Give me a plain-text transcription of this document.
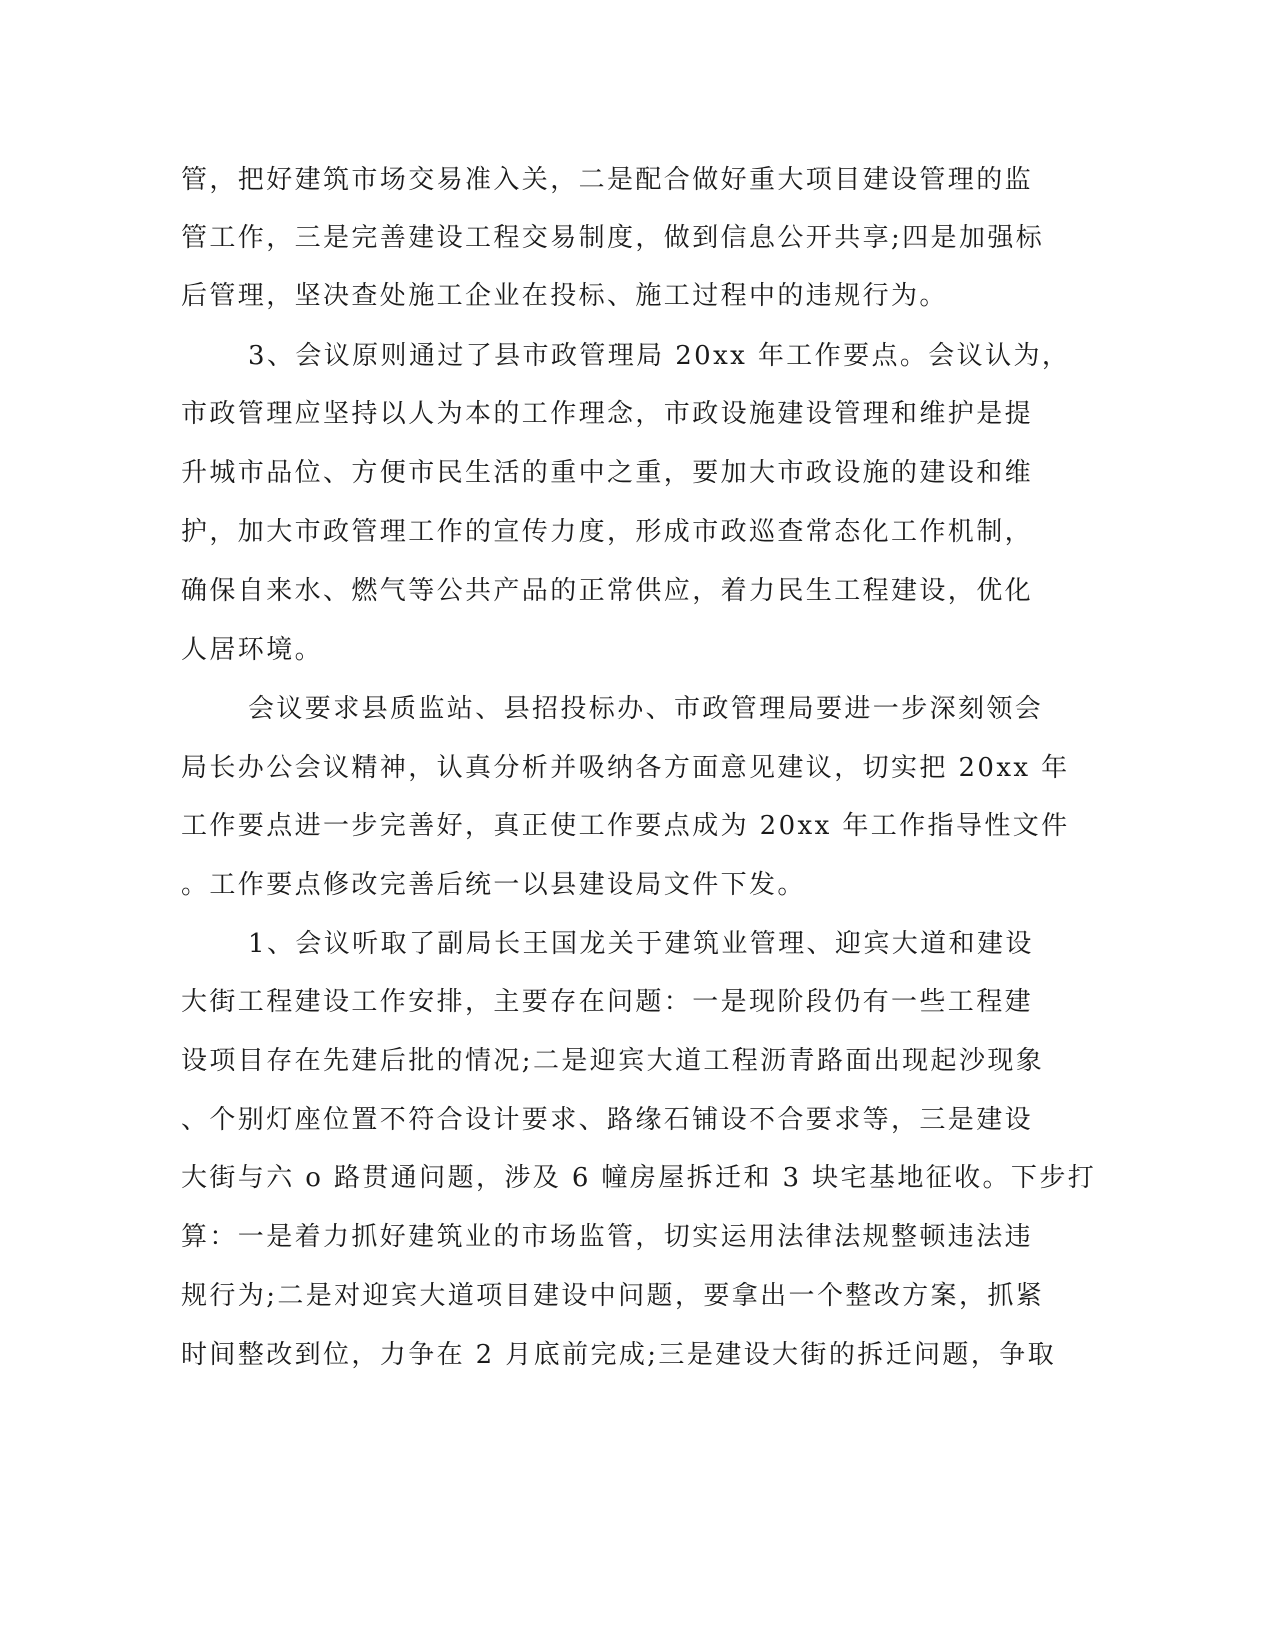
管，把好建筑市场交易准入关，二是配合做好重大项目建设管理的监
管工作，三是完善建设工程交易制度，做到信息公开共享;四是加强标
后管理，坚决查处施工企业在投标、施工过程中的违规行为。
3、会议原则通过了县市政管理局 20xx 年工作要点。会议认为，
市政管理应坚持以人为本的工作理念，市政设施建设管理和维护是提
升城市品位、方便市民生活的重中之重，要加大市政设施的建设和维
护，加大市政管理工作的宣传力度，形成市政巡查常态化工作机制，
确保自来水、燃气等公共产品的正常供应，着力民生工程建设，优化
人居环境。
会议要求县质监站、县招投标办、市政管理局要进一步深刻领会
局长办公会议精神，认真分析并吸纳各方面意见建议，切实把 20xx 年
工作要点进一步完善好，真正使工作要点成为 20xx 年工作指导性文件
。工作要点修改完善后统一以县建设局文件下发。
1、会议听取了副局长王国龙关于建筑业管理、迎宾大道和建设
大街工程建设工作安排，主要存在问题：一是现阶段仍有一些工程建
设项目存在先建后批的情况;二是迎宾大道工程沥青路面出现起沙现象
、个别灯座位置不符合设计要求、路缘石铺设不合要求等，三是建设
大街与六 o 路贯通问题，涉及 6 幢房屋拆迁和 3 块宅基地征收。下步打
算：一是着力抓好建筑业的市场监管，切实运用法律法规整顿违法违
规行为;二是对迎宾大道项目建设中问题，要拿出一个整改方案，抓紧
时间整改到位，力争在 2 月底前完成;三是建设大街的拆迁问题，争取
